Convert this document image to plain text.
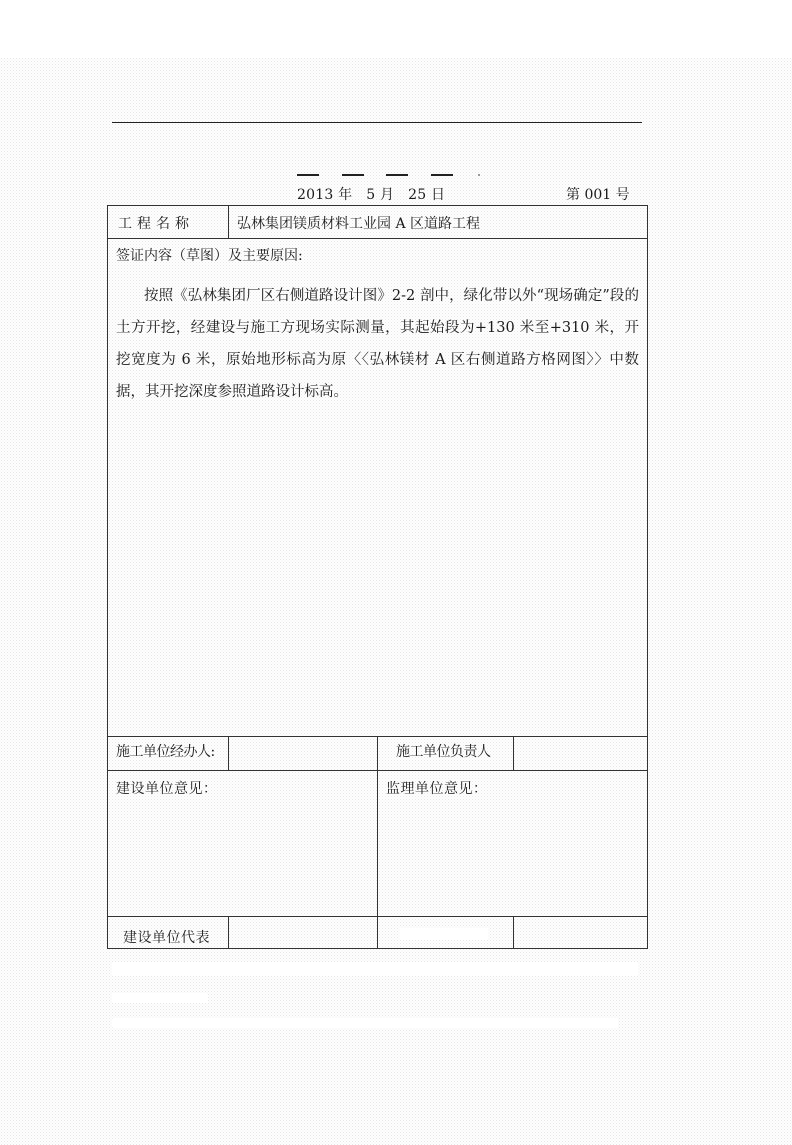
2013 年   5 月   25 日	第 001 号
工程名称	弘林集团镁质材料工业园 A 区道路工程		

签证内容（草图）及主要原因:

按照《弘林集团厂区右侧道路设计图》2-2 剖中，绿化带以外“现场确定”段的土方开挖，经建设与施工方现场实际测量，其起始段为+130 米至+310 米，开挖宽度为 6 米，原始地形标高为原〈〈弘林镁材 A 区右侧道路方格网图〉〉中数据，其开挖深度参照道路设计标高。			

施工单位经办人:		施工单位负责人	
建设单位意见：		监理单位意见：	
建设单位代表		
